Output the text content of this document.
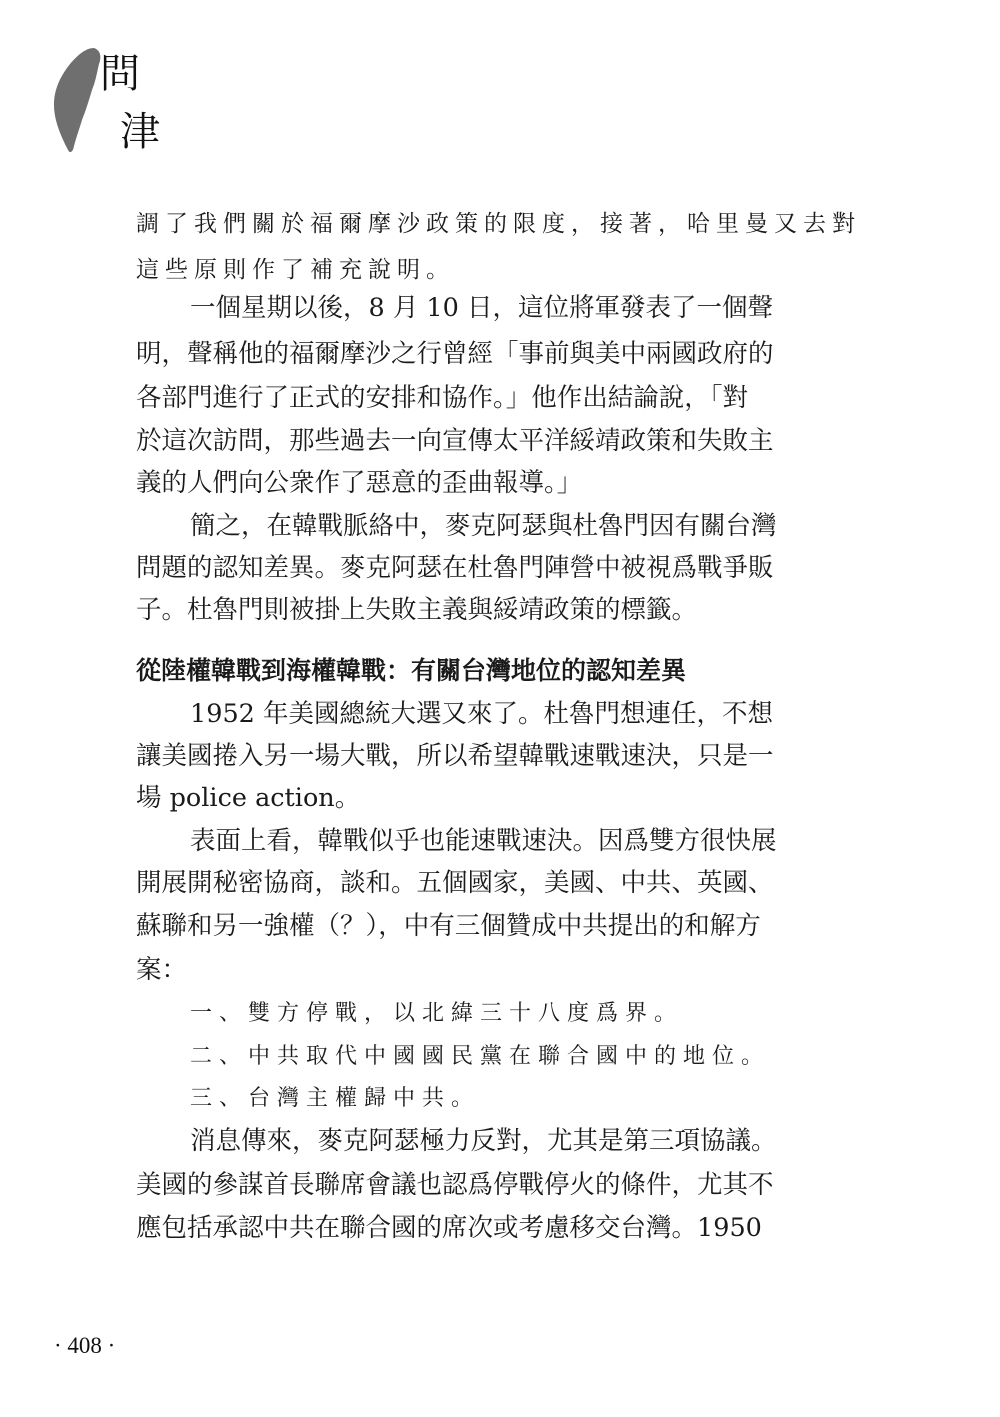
問
津
調了我們關於福爾摩沙政策的限度，接著，哈里曼又去對
這些原則作了補充說明。
一個星期以後，8 月 10 日，這位將軍發表了一個聲
明，聲稱他的福爾摩沙之行曾經「事前與美中兩國政府的
各部門進行了正式的安排和協作。」他作出結論說，「對
於這次訪問，那些過去一向宣傳太平洋綏靖政策和失敗主
義的人們向公衆作了惡意的歪曲報導。」
簡之，在韓戰脈絡中，麥克阿瑟與杜魯門因有關台灣
問題的認知差異。麥克阿瑟在杜魯門陣營中被視爲戰爭販
子。杜魯門則被掛上失敗主義與綏靖政策的標籤。
從陸權韓戰到海權韓戰：有關台灣地位的認知差異
1952 年美國總統大選又來了。杜魯門想連任，不想
讓美國捲入另一場大戰，所以希望韓戰速戰速決，只是一
場 police action。
表面上看，韓戰似乎也能速戰速決。因爲雙方很快展
開展開秘密協商，談和。五個國家，美國、中共、英國、
蘇聯和另一強權（？），中有三個贊成中共提出的和解方
案：
一、雙方停戰，以北緯三十八度爲界。
二、中共取代中國國民黨在聯合國中的地位。
三、台灣主權歸中共。
消息傳來，麥克阿瑟極力反對，尤其是第三項協議。
美國的參謀首長聯席會議也認爲停戰停火的條件，尤其不
應包括承認中共在聯合國的席次或考慮移交台灣。1950
· 408 ·
